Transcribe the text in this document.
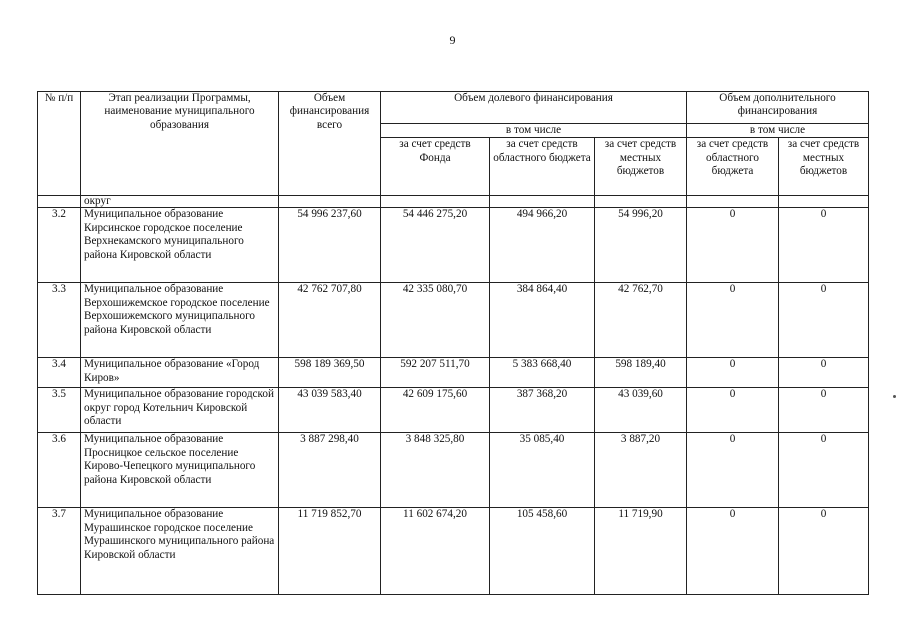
9
№ п/п	Этап реализации Программы, наименование муниципального образования	Объем финансирования всего	Объем долевого финансирования			Объем дополнительного финансирования	
			в том числе			в том числе	
			за счет средств Фонда	за счет средств областного бюджета	за счет средств местных бюджетов	за счет средств областного бюджета	за счет средств местных бюджетов
	округ						
3.2	Муниципальное образование Кирсинское городское поселение Верхнекамского муниципального района Кировской области	54 996 237,60	54 446 275,20	494 966,20	54 996,20	0	0
3.3	Муниципальное образование Верхошижемское городское поселение Верхошижемского муниципального района Кировской области	42 762 707,80	42 335 080,70	384 864,40	42 762,70	0	0
3.4	Муниципальное образование «Город Киров»	598 189 369,50	592 207 511,70	5 383 668,40	598 189,40	0	0
3.5	Муниципальное образование городской округ город Котельнич Кировской области	43 039 583,40	42 609 175,60	387 368,20	43 039,60	0	0
3.6	Муниципальное образование Просницкое сельское поселение Кирово-Чепецкого муниципального района Кировской области	3 887 298,40	3 848 325,80	35 085,40	3 887,20	0	0
3.7	Муниципальное образование Мурашинское городское поселение Мурашинского муниципального района Кировской области	11 719 852,70	11 602 674,20	105 458,60	11 719,90	0	0
